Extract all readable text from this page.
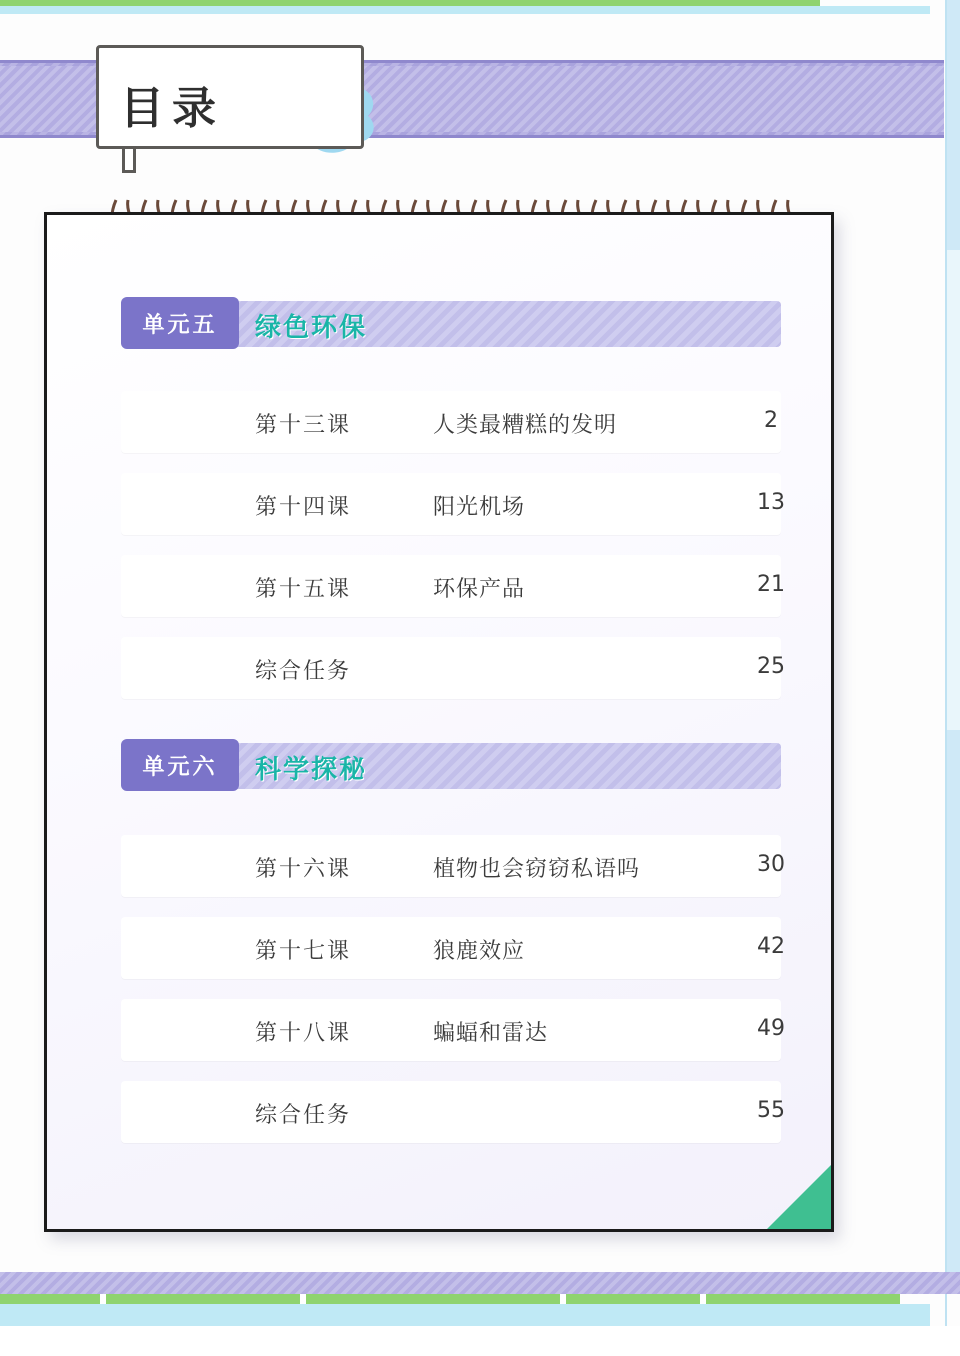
目录
单元五	绿色环保
第十三课	人类最糟糕的发明	2
第十四课	阳光机场	13
第十五课	环保产品	21
综合任务	25
单元六	科学探秘
第十六课	植物也会窃窃私语吗	30
第十七课	狼鹿效应	42
第十八课	蝙蝠和雷达	49
综合任务	55
